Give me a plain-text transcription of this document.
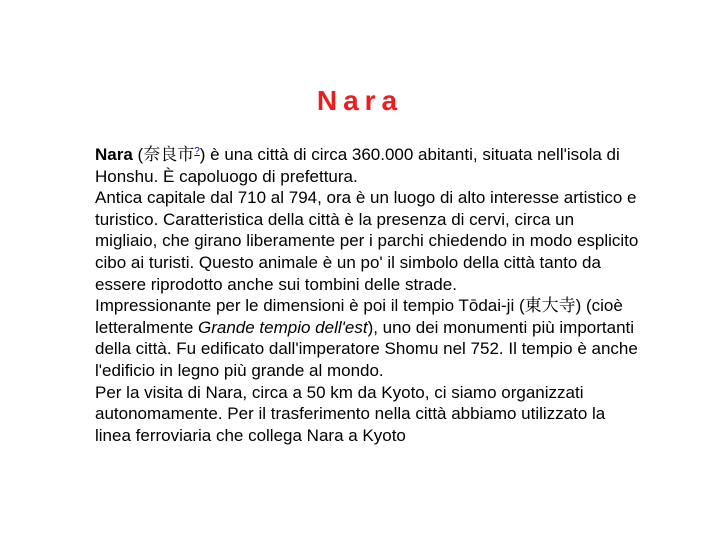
Nara

Nara (奈良市?) è una città di circa 360.000 abitanti, situata nell'isola di Honshu. È capoluogo di prefettura.

Antica capitale dal 710 al 794, ora è un luogo di alto interesse artistico e turistico. Caratteristica della città è la presenza di cervi, circa un migliaio, che girano liberamente per i parchi chiedendo in modo esplicito cibo ai turisti. Questo animale è un po' il simbolo della città tanto da essere riprodotto anche sui tombini delle strade.

Impressionante per le dimensioni è poi il tempio Tōdai-ji (東大寺) (cioè letteralmente Grande tempio dell'est), uno dei monumenti più importanti della città. Fu edificato dall'imperatore Shomu nel 752. Il tempio è anche l'edificio in legno più grande al mondo.

Per la visita di Nara, circa a 50 km da Kyoto, ci siamo organizzati autonomamente. Per il trasferimento nella città abbiamo utilizzato la linea ferroviaria che collega Nara a Kyoto
